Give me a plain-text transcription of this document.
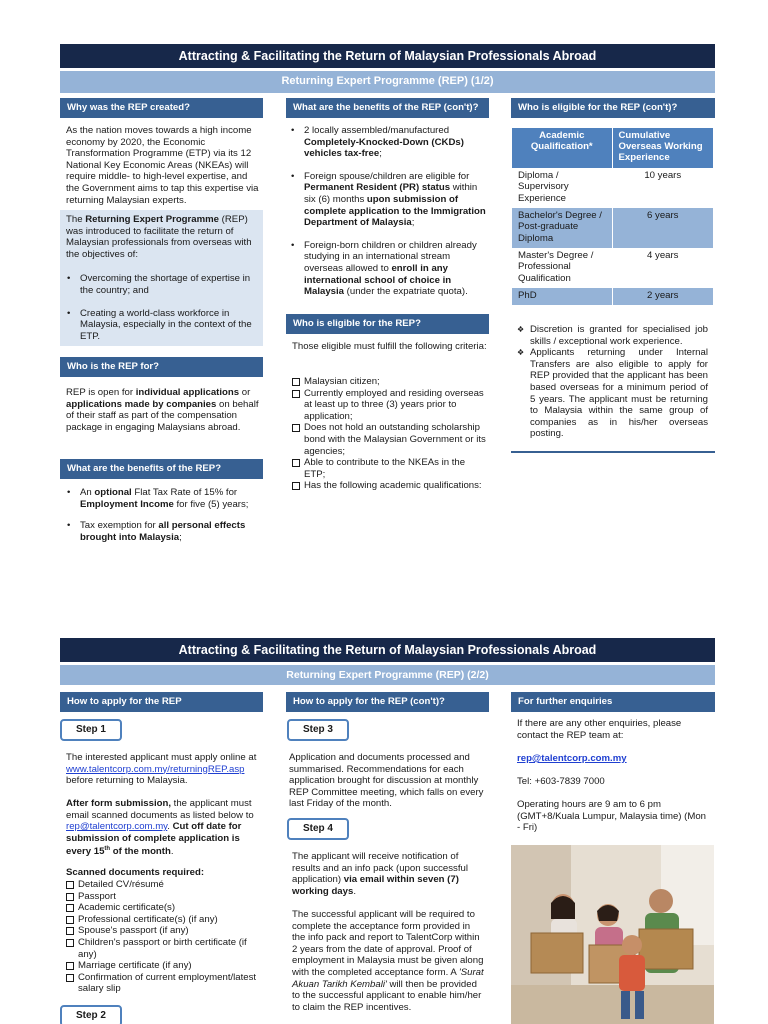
Attracting & Facilitating the Return of Malaysian Professionals Abroad
Returning Expert Programme (REP) (1/2)
Why was the REP created?
As the nation moves towards a high income economy by 2020, the Economic Transformation Programme (ETP) via its 12 National Key Economic Areas (NKEAs) will require middle- to high-level expertise, and the Government aims to tap this expertise via returning Malaysian experts.
The Returning Expert Programme (REP) was introduced to facilitate the return of Malaysian professionals from overseas with the objectives of:
• Overcoming the shortage of expertise in the country; and
• Creating a world-class workforce in Malaysia, especially in the context of the ETP.
Who is the REP for?
REP is open for individual applications or applications made by companies on behalf of their staff as part of the compensation package in engaging Malaysians abroad.
What are the benefits of the REP?
• An optional Flat Tax Rate of 15% for Employment Income for five (5) years;
• Tax exemption for all personal effects brought into Malaysia;
What are the benefits of the REP (con't)?
• 2 locally assembled/manufactured Completely-Knocked-Down (CKDs) vehicles tax-free;
• Foreign spouse/children are eligible for Permanent Resident (PR) status within six (6) months upon submission of complete application to the Immigration Department of Malaysia;
• Foreign-born children or children already studying in an international stream overseas allowed to enroll in any international school of choice in Malaysia (under the expatriate quota).
Who is eligible for the REP?
Those eligible must fulfill the following criteria:
Malaysian citizen;
Currently employed and residing overseas at least up to three (3) years prior to application;
Does not hold an outstanding scholarship bond with the Malaysian Government or its agencies;
Able to contribute to the NKEAs in the ETP;
Has the following academic qualifications:
Who is eligible for the REP (con't)?
Academic Qualification*	Cumulative Overseas Working Experience
Diploma / Supervisory Experience	10 years
Bachelor's Degree / Post-graduate Diploma	6 years
Master's Degree / Professional Qualification	4 years
PhD	2 years
❖ Discretion is granted for specialised job skills / exceptional work experience.
❖ Applicants returning under Internal Transfers are also eligible to apply for REP provided that the applicant has been based overseas for a minimum period of 5 years. The applicant must be returning to Malaysia within the same group of companies as in his/her overseas posting.
Attracting & Facilitating the Return of Malaysian Professionals Abroad
Returning Expert Programme (REP) (2/2)
How to apply for the REP
Step 1
The interested applicant must apply online at www.talentcorp.com.my/returningREP.asp before returning to Malaysia.
After form submission, the applicant must email scanned documents as listed below to rep@talentcorp.com.my. Cut off date for submission of complete application is every 15th of the month.
Scanned documents required:
Detailed CV/résumé
Passport
Academic certificate(s)
Professional certificate(s) (if any)
Spouse's passport (if any)
Children's passport or birth certificate (if any)
Marriage certificate (if any)
Confirmation of current employment/latest salary slip
Step 2
How to apply for the REP (con't)?
Step 3
Application and documents processed and summarised. Recommendations for each application brought for discussion at monthly REP Committee meeting, which falls on every last Friday of the month.
Step 4
The applicant will receive notification of results and an info pack (upon successful application) via email within seven (7) working days.
The successful applicant will be required to complete the acceptance form provided in the info pack and report to TalentCorp within 2 years from the date of approval. Proof of employment in Malaysia must be given along with the completed acceptance form. A 'Surat Akuan Tarikh Kembali' will then be provided to the successful applicant to enable him/her to claim the REP incentives.
For further enquiries
If there are any other enquiries, please contact the REP team at:
rep@talentcorp.com.my
Tel: +603-7839 7000
Operating hours are 9 am to 6 pm (GMT+8/Kuala Lumpur, Malaysia time) (Mon - Fri)
